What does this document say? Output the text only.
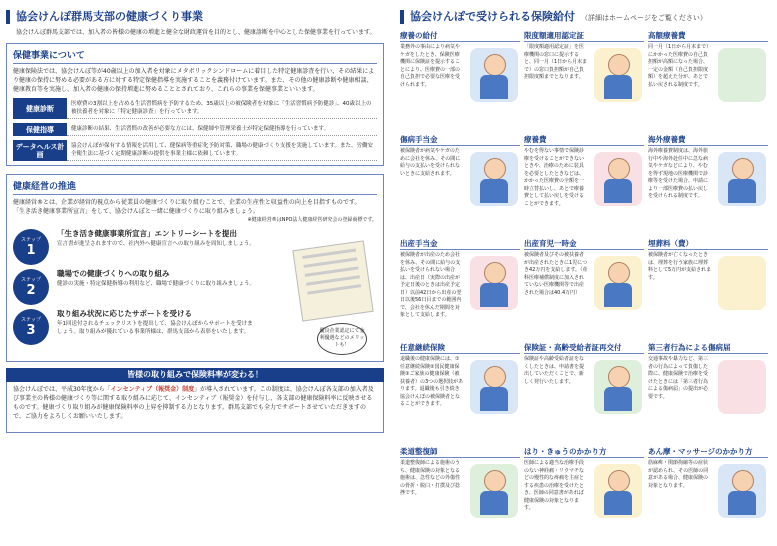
協会けんぽ群馬支部の健康づくり事業
協会けんぽ群馬支部では、加入者の皆様の健康の増進と健全な財政運営を目的とし、健康診断を中心とした保健事業を行っています。
保健事業について
健康保険法では、協会けんぽ等が40歳以上の加入者を対象にメタボリックシンドロームに着目した特定健康診査を行い、その結果により健康の保持に努める必要がある方に対する特定保健指導を実施することを義務付けています。また、その他の健康診断や健康相談、健康教育等を実施し、加入者の健康の保持増進に努めることとされており、これらの事業を保健事業といいます。
健康診断
医療費の3割以上を占める生活習慣病を予防するため、35歳以上の被保険者を対象に「生活習慣病予防健診」、40歳以上の被扶養者を対象に「特定健康診査」を行っています。
保健指導	健康診断の結果、生活習慣の改善が必要な方には、保健師や管理栄養士が特定保健指導を行っています。
データヘルス計画
協会けんぽが保有する情報を活用して、健保病等重症化予防対策、職場の健康づくり支援を実施しています。また、労働安全衛生法に基づく定期健康診断の提供を事業主様に依頼しています。
健康経営の推進
健康経営®とは、企業が経営的視点から従業員の健康づくりに取り組むことで、企業の生産性と収益性の向上を目指すものです。
「生き活き健康事業所宣言」をして、協会けんぽと一緒に健康づくりに取り組みましょう。
※健康経営®はNPO法人健康経営研究会の登録商標です。
ステップ
1
「生き活き健康事業所宣言」エントリーシートを提出
宣言書が進呈されますので、社内外へ健康宣言への取り組みを周知しましょう。
ステップ
2
職場での健康づくりへの取り組み
健診の実施・特定保健指導の利用など、職場で健康づくりに取り組みましょう。
ステップ
3
取り組み状況に応じたサポートを受ける
年1回送付されるチェックリストを提出して、協会けんぽからサポートを受けましょう。取り組みが優れている事業所様は、群馬支部から表彰をいたします。	優良企業認定にて金利優遇などのメリットも！
皆様の取り組みで保険料率が変わる！
協会けんぽでは、平成30年度から「インセンティブ（報奨金）制度」が導入されています。この制度は、協会けんぽ各支部の加入者及び事業主の皆様の健康づくり等に関する取り組みに応じて、インセンティブ（報奨金）を付与し、各支部の健康保険料率に反映させるものです。健康づくり取り組みが健康保険料率の上昇を抑制する力となります。群馬支部でも全力でサポートさせていただきますので、ご協力をよろしくお願いいたします。
協会けんぽで受けられる保険給付 （詳細はホームページをご覧ください）
療養の給付
業務外の事由により病気やケガをしたとき、保険医療機関に保険証を提示することにより、医療費の一部の自己負担で必要な医療を受けられます。
限度額適用認定証
「限度額適用認定証」を医療機関の窓口に提示すると、同一月（1日から月末まで）の窓口負担額が自己負担限度額までとなります。
高額療養費
同一月（1日から月末まで）にかかった医療費の自己負担額が高額になった場合、一定の金額（自己負担限度額）を超えた分が、あとで払い戻される制度です。
傷病手当金
被保険者が病気やケガのために会社を休み、その間に給与の支払いを受けられないときに支給されます。
療養費
やむを得ない事情で保険診療を受けることができないときや、治療のために装具を必要としたときなどは、かかった医療費の全額を一時立替払いし、あとで療養費として払い戻しを受けることができます。
海外療養費
海外療養費制度は、海外旅行中や海外赴任中に急な病気やケガなどにより、やむを得ず現地の医療機関で診療等を受けた場合、申請により一部医療費の払い戻しを受けられる制度です。
出産手当金
被保険者が出産のため会社を休み、その間に給与の支払いを受けられない場合は、出産日（実際の出産が予定日後のときは出産予定日）以前42日から出産の翌日以後56日目までの範囲内で、会社を休んだ期間を対象として支給します。
出産育児一時金
被保険者及びその被扶養者が出産されたときに1児につき42万円を支給します。（産科医療補償制度に加入されていない医療機関等で出産された場合は40.4万円）
埋葬料（費）
被保険者が亡くなったときは、埋葬を行う家族に埋葬料として5万円が支給されます。
任意継続保険
退職後の健康保険には、①任意継続保険②国民健康保険③ご家族の健康保険（被扶養者）の3つの選択肢があります。退職後も引き続き協会けんぽの被保険者となることができます。
保険証・高齢受給者証再交付
保険証や高齢受給者証をなくしたときは、申請書を提出していただくことで、新しく発行いたします。
第三者行為による傷病届
交通事故や暴力など、第三者の行為によって負傷した際に、健康保険で治療を受けたときには「第三者行為による傷病届」の提出が必要です。
柔道整復師
柔道整復師による施術のうち、健康保険の対象となる施術は、急性などの外傷性の骨折・脱臼・打撲及び捻挫です。
はり・きゅうのかかり方
医師による適当な治療手段のない神経痛・リウマチなどの慢性的な疼痛を主症とする疾患の治療を受けたとき、医師の同意書があれば健康保険の対象となります。
あん摩・マッサージのかかり方
筋麻痺・関節拘縮等の症状が認められ、その医師の同意がある場合、健康保険の対象となります。
